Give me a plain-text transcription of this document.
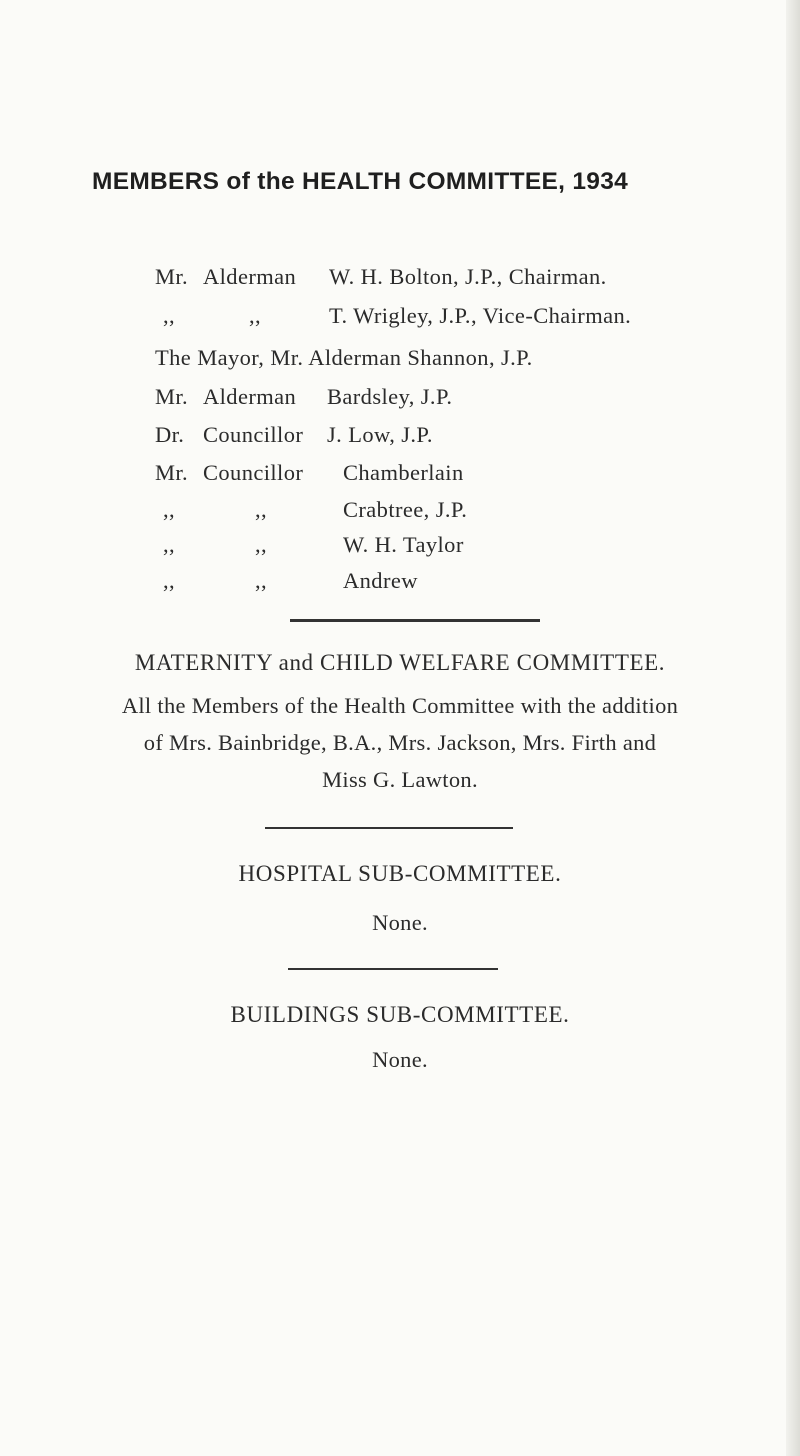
MEMBERS of the HEALTH COMMITTEE, 1934
Mr. Alderman W. H. Bolton, J.P., Chairman.
,,	,,	T. Wrigley, J.P., Vice-Chairman.
The Mayor, Mr. Alderman Shannon, J.P.
Mr. Alderman Bardsley, J.P.
Dr. Councillor J. Low, J.P.
Mr. Councillor Chamberlain
,,	,,	Crabtree, J.P.
,,	,,	W. H. Taylor
,,	,,	Andrew
MATERNITY and CHILD WELFARE COMMITTEE.
All the Members of the Health Committee with the addition
of Mrs. Bainbridge, B.A., Mrs. Jackson, Mrs. Firth and
Miss G. Lawton.
HOSPITAL SUB-COMMITTEE.
None.
BUILDINGS SUB-COMMITTEE.
None.
